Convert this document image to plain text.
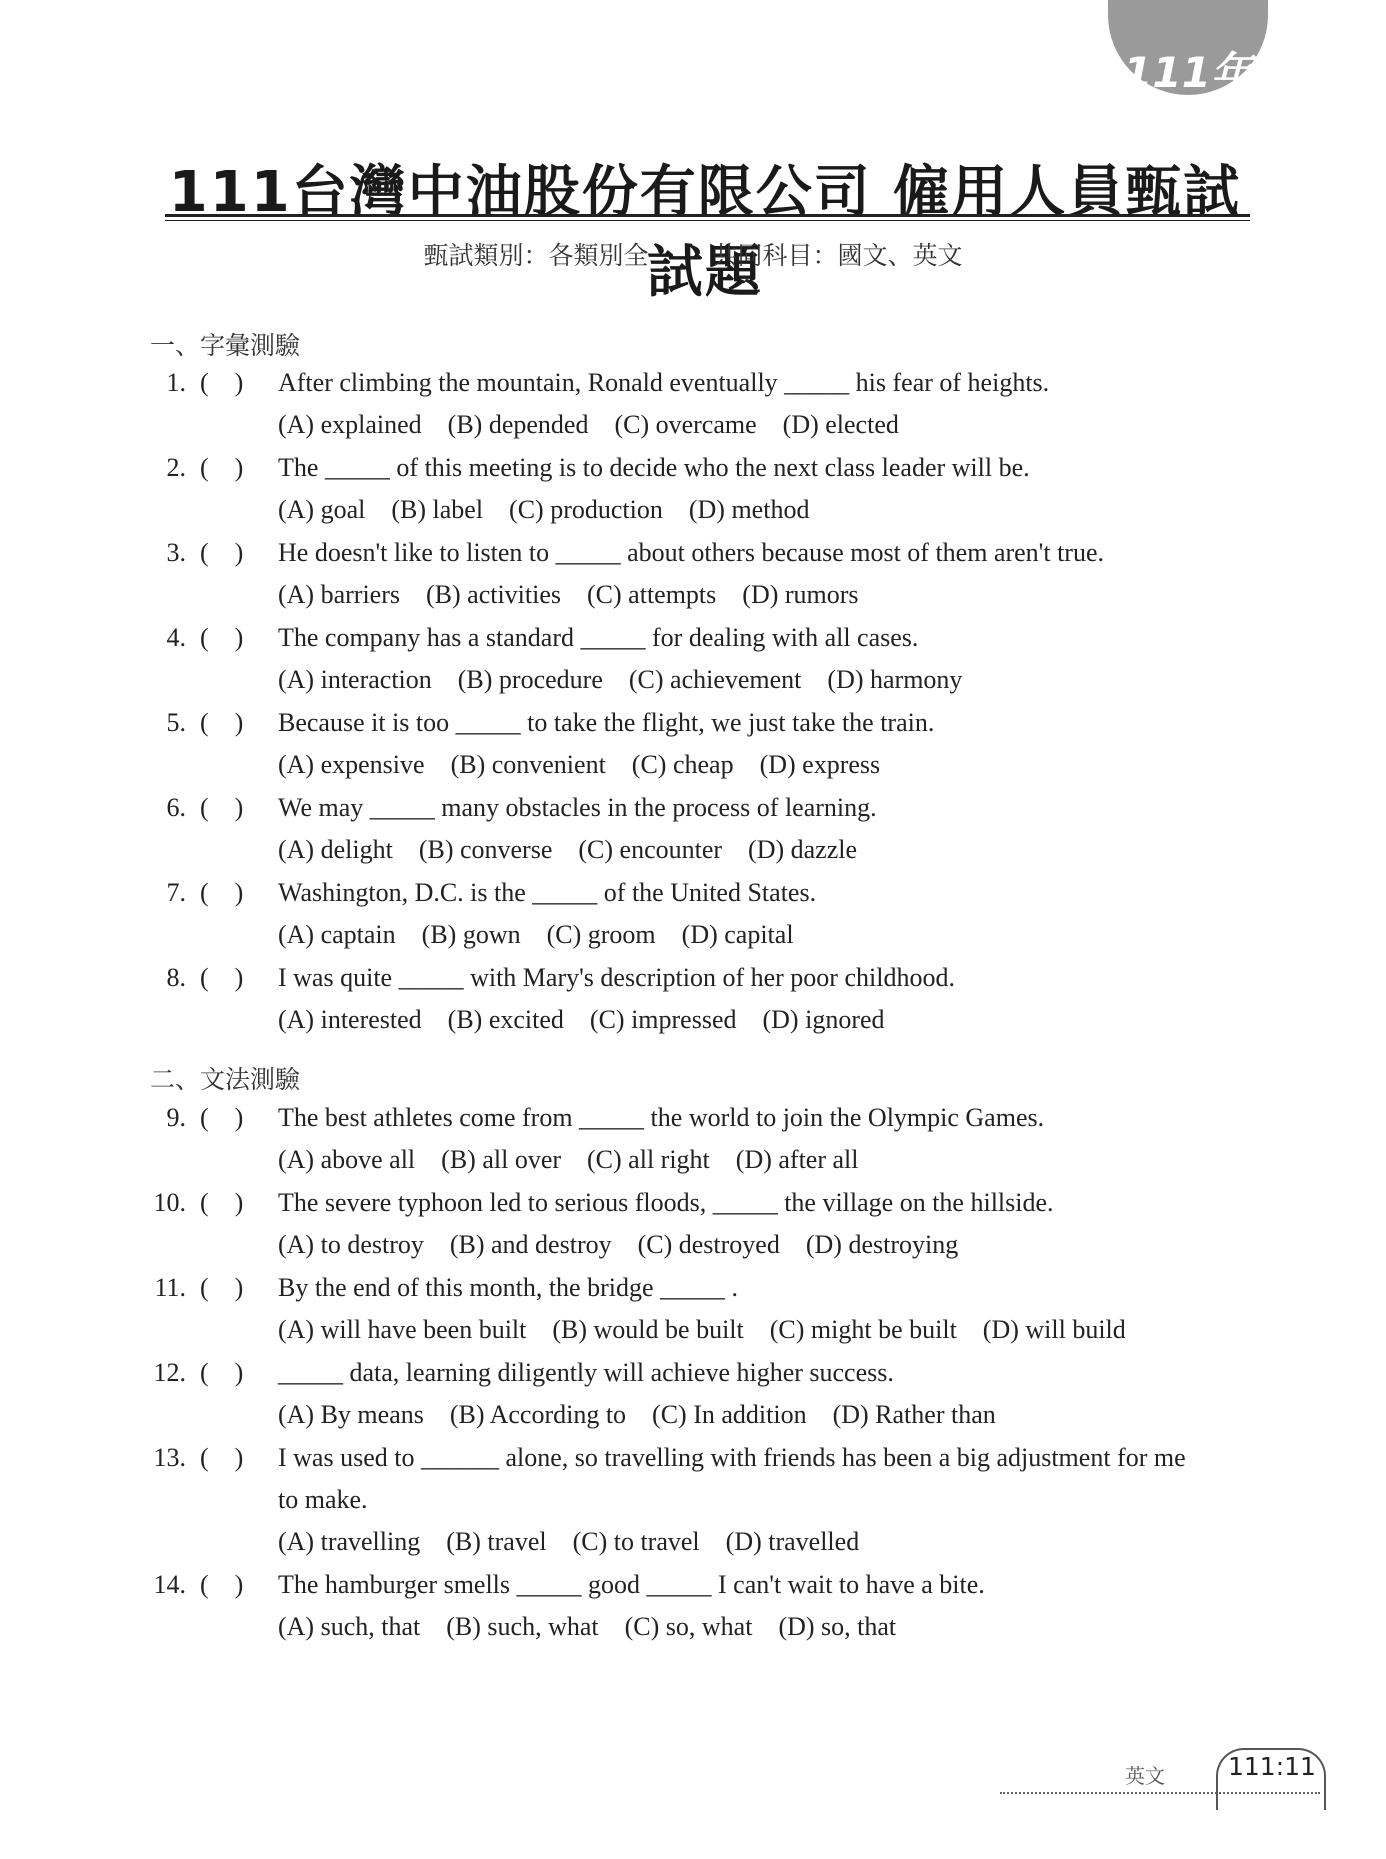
111年
111台灣中油股份有限公司 僱用人員甄試試題
甄試類別：各類別全	共同科目：國文、英文
一、字彙測驗
1. (    ) After climbing the mountain, Ronald eventually _____ his fear of heights.
(A) explained (B) depended (C) overcame (D) elected
2. (    ) The _____ of this meeting is to decide who the next class leader will be.
(A) goal (B) label (C) production (D) method
3. (    ) He doesn't like to listen to _____ about others because most of them aren't true.
(A) barriers (B) activities (C) attempts (D) rumors
4. (    ) The company has a standard _____ for dealing with all cases.
(A) interaction (B) procedure (C) achievement (D) harmony
5. (    ) Because it is too _____ to take the flight, we just take the train.
(A) expensive (B) convenient (C) cheap (D) express
6. (    ) We may _____ many obstacles in the process of learning.
(A) delight (B) converse (C) encounter (D) dazzle
7. (    ) Washington, D.C. is the _____ of the United States.
(A) captain (B) gown (C) groom (D) capital
8. (    ) I was quite _____ with Mary's description of her poor childhood.
(A) interested (B) excited (C) impressed (D) ignored
二、文法測驗
9. (    ) The best athletes come from _____ the world to join the Olympic Games.
(A) above all (B) all over (C) all right (D) after all
10. (    ) The severe typhoon led to serious floods, _____ the village on the hillside.
(A) to destroy (B) and destroy (C) destroyed (D) destroying
11. (    ) By the end of this month, the bridge _____ .
(A) will have been built (B) would be built (C) might be built (D) will build
12. (    ) _____ data, learning diligently will achieve higher success.
(A) By means (B) According to (C) In addition (D) Rather than
13. (    ) I was used to ______ alone, so travelling with friends has been a big adjustment for me
to make.
(A) travelling (B) travel (C) to travel (D) travelled
14. (    ) The hamburger smells _____ good _____ I can't wait to have a bite.
(A) such, that (B) such, what (C) so, what (D) so, that
英文	111:11
